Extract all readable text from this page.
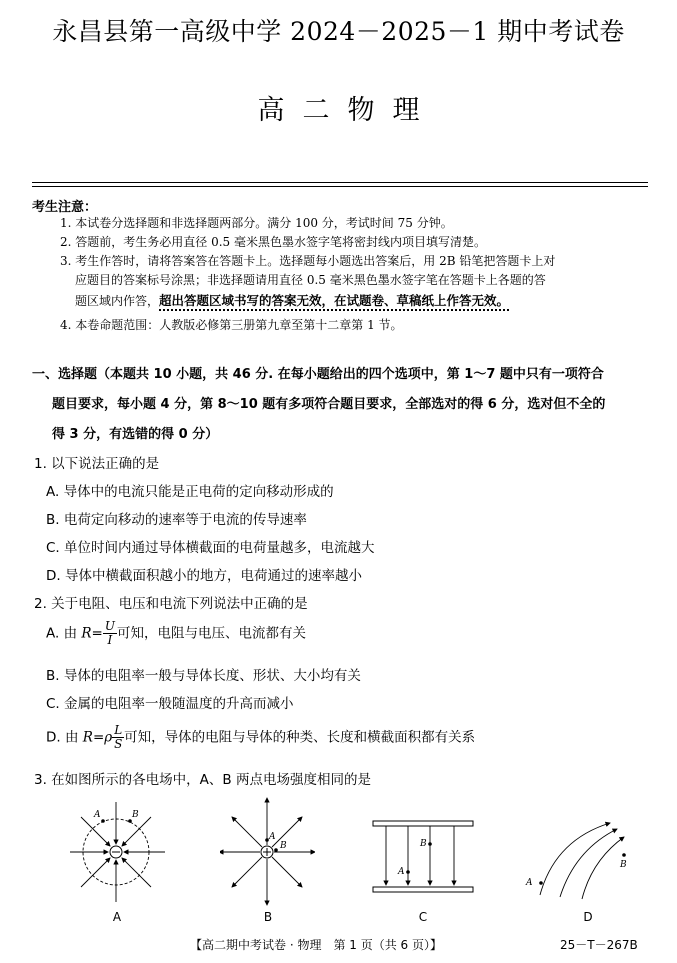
永昌县第一高级中学 2024－2025－1 期中考试卷
高二物理
考生注意：
1. 本试卷分选择题和非选择题两部分。满分 100 分，考试时间 75 分钟。
2. 答题前，考生务必用直径 0.5 毫米黑色墨水签字笔将密封线内项目填写清楚。
3. 考生作答时，请将答案答在答题卡上。选择题每小题选出答案后，用 2B 铅笔把答题卡上对
应题目的答案标号涂黑；非选择题请用直径 0.5 毫米黑色墨水签字笔在答题卡上各题的答
题区域内作答，超出答题区域书写的答案无效，在试题卷、草稿纸上作答无效。
4. 本卷命题范围：人教版必修第三册第九章至第十二章第 1 节。
一、选择题（本题共 10 小题，共 46 分. 在每小题给出的四个选项中，第 1～7 题中只有一项符合
题目要求，每小题 4 分，第 8～10 题有多项符合题目要求，全部选对的得 6 分，选对但不全的
得 3 分，有选错的得 0 分）
1. 以下说法正确的是
A. 导体中的电流只能是正电荷的定向移动形成的
B. 电荷定向移动的速率等于电流的传导速率
C. 单位时间内通过导体横截面的电荷量越多，电流越大
D. 导体中横截面积越小的地方，电荷通过的速率越小
2. 关于电阻、电压和电流下列说法中正确的是
A. 由 $R= \frac{U}{I}$ 可知，电阻与电压、电流都有关
B. 导体的电阻率一般与导体长度、形状、大小均有关
C. 金属的电阻率一般随温度的升高而减小
D. 由 $R=\rho \frac{L}{S}$ 可知，导体的电阻与导体的种类、长度和横截面积都有关系
3. 在如图所示的各电场中，A、B 两点电场强度相同的是
A	B
A
B
A
B
A
B
A	B	C	D
【高二期中考试卷 · 物理　第 1 页（共 6 页）】	25－T－267B
